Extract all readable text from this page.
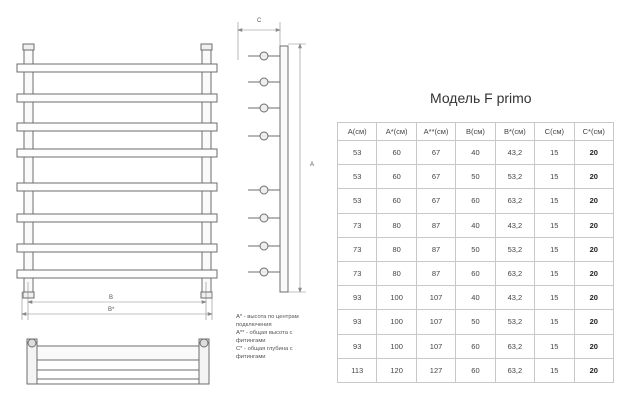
B
B*
C
A
Модель F primo
A(см)	A*(см)	A**(см)	B(см)	B*(см)	C(см)	C*(см)
53	60	67	40	43,2	15	20
53	60	67	50	53,2	15	20
53	60	67	60	63,2	15	20
73	80	87	40	43,2	15	20
73	80	87	50	53,2	15	20
73	80	87	60	63,2	15	20
93	100	107	40	43,2	15	20
93	100	107	50	53,2	15	20
93	100	107	60	63,2	15	20
113	120	127	60	63,2	15	20
A* - высота по центрам
подключения
A** - общая высота с
фитингами
C* - общая глубина с
фитингами
